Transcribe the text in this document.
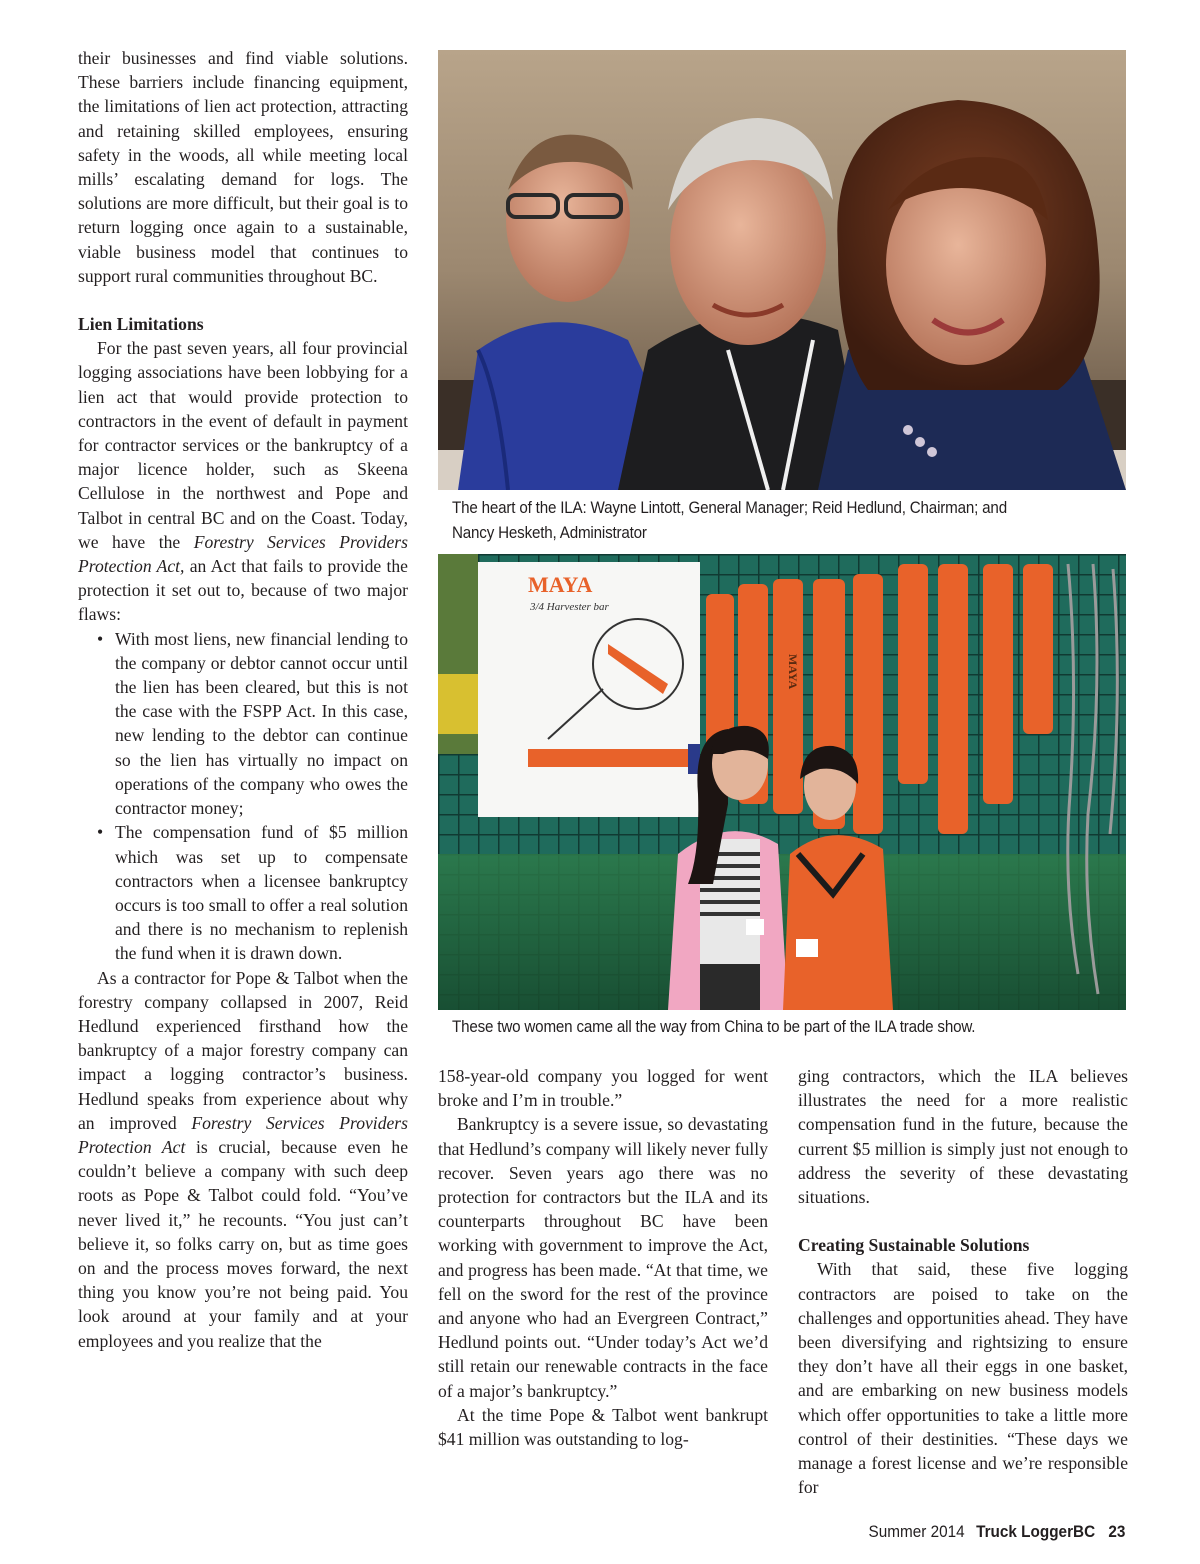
their businesses and find viable solutions. These barriers include financing equipment, the limitations of lien act protection, attracting and retaining skilled employees, ensuring safety in the woods, all while meeting local mills’ escalating demand for logs. The solutions are more difficult, but their goal is to return logging once again to a sustainable, viable business model that continues to support rural communities throughout BC.

Lien Limitations

For the past seven years, all four provincial logging associations have been lobbying for a lien act that would provide protection to contractors in the event of default in payment for contractor services or the bankruptcy of a major licence holder, such as Skeena Cellulose in the northwest and Pope and Talbot in central BC and on the Coast. Today, we have the Forestry Services Providers Protection Act, an Act that fails to provide the protection it set out to, because of two major flaws:

• With most liens, new financial lending to the company or debtor cannot occur until the lien has been cleared, but this is not the case with the FSPP Act. In this case, new lending to the debtor can continue so the lien has virtually no impact on operations of the company who owes the contractor money;
• The compensation fund of $5 million which was set up to compensate contractors when a licensee bankruptcy occurs is too small to offer a real solution and there is no mechanism to replenish the fund when it is drawn down.

As a contractor for Pope & Talbot when the forestry company collapsed in 2007, Reid Hedlund experienced firsthand how the bankruptcy of a major forestry company can impact a logging contractor’s business. Hedlund speaks from experience about why an improved Forestry Services Providers Protection Act is crucial, because even he couldn’t believe a company with such deep roots as Pope & Talbot could fold. “You’ve never lived it,” he recounts. “You just can’t believe it, so folks carry on, but as time goes on and the process moves forward, the next thing you know you’re not being paid. You look around at your family and at your employees and you realize that the

The heart of the ILA: Wayne Lintott, General Manager; Reid Hedlund, Chairman; and
Nancy Hesketh, Administrator
MAYA
3/4 Harvester bar
MAYA
These two women came all the way from China to be part of the ILA trade show.

158-year-old company you logged for went broke and I’m in trouble.”

Bankruptcy is a severe issue, so devastating that Hedlund’s company will likely never fully recover. Seven years ago there was no protection for contractors but the ILA and its counterparts throughout BC have been working with government to improve the Act, and progress has been made. “At that time, we fell on the sword for the rest of the province and anyone who had an Evergreen Contract,” Hedlund points out. “Under today’s Act we’d still retain our renewable contracts in the face of a major’s bankruptcy.”

At the time Pope & Talbot went bankrupt $41 million was outstanding to log-

ging contractors, which the ILA believes illustrates the need for a more realistic compensation fund in the future, because the current $5 million is simply just not enough to address the severity of these devastating situations.

Creating Sustainable Solutions

With that said, these five logging contractors are poised to take on the challenges and opportunities ahead. They have been diversifying and rightsizing to ensure they don’t have all their eggs in one basket, and are embarking on new business models which offer opportunities to take a little more control of their destinities. “These days we manage a forest license and we’re responsible for

Summer 2014 Truck LoggerBC 23
